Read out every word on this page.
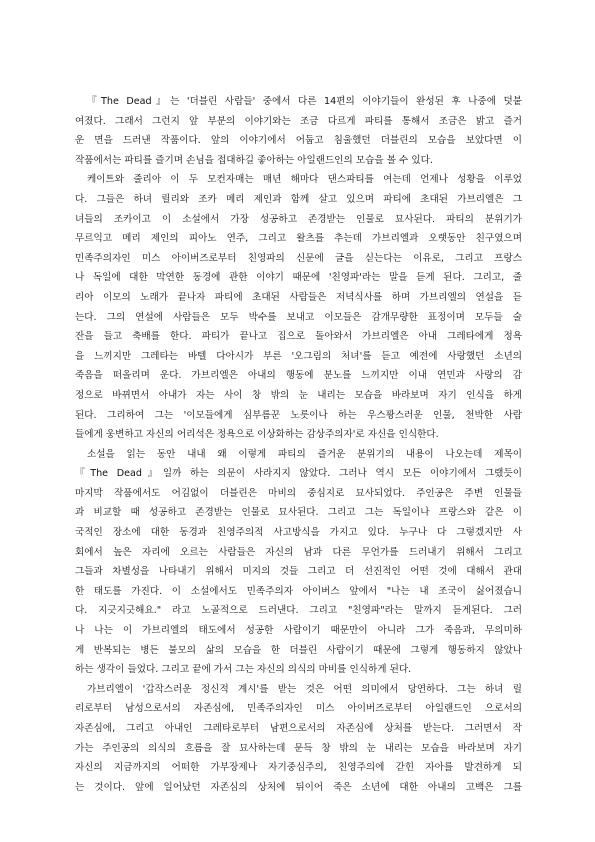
『The Dead』는 '더블린 사람들' 중에서 다른 14편의 이야기들이 완성된 후 나중에 덧붙
여졌다. 그래서 그런지 앞 부분의 이야기와는 조금 다르게 파티를 통해서 조금은 밝고 즐거
운 면을 드러낸 작품이다. 앞의 이야기에서 어둡고 침울했던 더블린의 모습을 보았다면 이
작품에서는 파티를 즐기며 손님을 접대하길 좋아하는 아일랜드인의 모습을 볼 수 있다.
케이트와 줄리아 이 두 모컨자매는 매년 해마다 댄스파티를 여는데 언제나 성황을 이루었
다. 그들은 하녀 릴리와 조카 메리 제인과 함께 살고 있으며 파티에 초대된 가브리엘은 그
녀들의 조카이고 이 소설에서 가장 성공하고 존경받는 인물로 묘사된다. 파티의 분위기가
무르익고 메리 제인의 피아노 연주, 그리고 왈츠를 추는데 가브리엘과 오랫동안 친구였으며
민족주의자인 미스 아이버즈로부터 친영파의 신문에 글을 싣는다는 이유로, 그리고 프랑스
나 독일에 대한 막연한 동경에 관한 이야기 때문에 '친영파'라는 말을 듣게 된다. 그리고, 줄
리아 이모의 노래가 끝나자 파티에 초대된 사람들은 저녁식사를 하며 가브리엘의 연설을 듣
는다. 그의 연설에 사람들은 모두 박수를 보내고 이모들은 감개무량한 표정이며 모두들 술
잔을 들고 축배를 한다. 파티가 끝나고 집으로 돌아와서 가브리엘은 아내 그레타에게 정욕
을 느끼지만 그레타는 바텔 다아시가 부른 '오그림의 처녀'를 듣고 예전에 사랑했던 소년의
죽음을 떠올리며 운다. 가브리엘은 아내의 행동에 분노를 느끼지만 이내 연민과 사랑의 감
정으로 바뀌면서 아내가 자는 사이 창 밖의 눈 내리는 모습을 바라보며 자기 인식을 하게
된다. 그리하여 그는 '이모들에게 심부름꾼 노릇이나 하는 우스꽝스러운 인물, 천박한 사람
들에게 웅변하고 자신의 어리석은 정욕으로 이상화하는 감상주의자'로 자신을 인식한다.
소설을 읽는 동안 내내 왜 이렇게 파티의 즐거운 분위기의 내용이 나오는데 제목이
『The Dead』일까 하는 의문이 사라지지 않았다. 그러나 역시 모든 이야기에서 그랬듯이
마지막 작품에서도 어김없이 더블린은 마비의 중심지로 묘사되었다. 주인공은 주변 인물들
과 비교할 때 성공하고 존경받는 인물로 묘사된다. 그리고 그는 독일이나 프랑스와 같은 이
국적인 장소에 대한 동경과 친영주의적 사고방식을 가지고 있다. 누구나 다 그렇겠지만 사
회에서 높은 자리에 오르는 사람들은 자신의 남과 다른 무언가를 드러내기 위해서 그리고
그들과 차별성을 나타내기 위해서 미지의 것들 그리고 더 선진적인 어떤 것에 대해서 관대
한 태도를 가진다. 이 소설에서도 민족주의자 아이버스 앞에서 "나는 내 조국이 싫어졌습니
다. 지긋지긋해요." 라고 노골적으로 드러낸다. 그리고 "친영파"라는 말까지 듣게된다. 그러
나 나는 이 가브리엘의 태도에서 성공한 사람이기 때문만이 아니라 그가 죽음과, 무의미하
게 반복되는 병든 불모의 삶의 모습을 한 더블린 사람이기 때문에 그렇게 행동하지 않았나
하는 생각이 들었다. 그리고 끝에 가서 그는 자신의 의식의 마비를 인식하게 된다.
가브리엘이 '갑작스러운 정신적 계시'를 받는 것은 어떤 의미에서 당연하다. 그는 하녀 릴
리로부터 남성으로서의 자존심에, 민족주의자인 미스 아이버즈로부터 아일랜드인 으로서의
자존심에, 그리고 아내인 그레타로부터 남편으로서의 자존심에 상처를 받는다. 그러면서 작
가는 주인공의 의식의 흐름을 잘 묘사하는데 문득 창 밖의 눈 내리는 모습을 바라보며 자기
자신의 지금까지의 어떠한 가부장제나 자기중심주의, 친영주의에 갇힌 자아를 발견하게 되
는 것이다. 앞에 일어났던 자존심의 상처에 뒤이어 죽은 소년에 대한 아내의 고백은 그를
